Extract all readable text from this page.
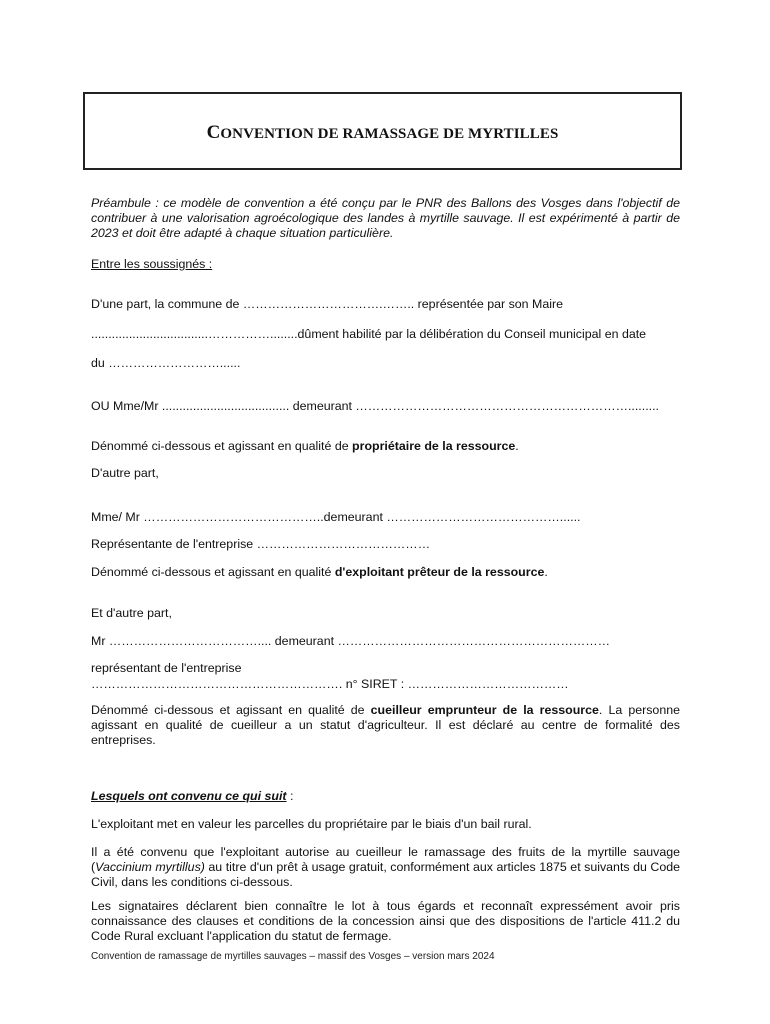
CONVENTION DE RAMASSAGE DE MYRTILLES

Préambule : ce modèle de convention a été conçu par le PNR des Ballons des Vosges dans l'objectif de contribuer à une valorisation agroécologique des landes à myrtille sauvage. Il est expérimenté à partir de 2023 et doit être adapté à chaque situation particulière.

Entre les soussignés :

D'une part, la commune de …………………………….…….. représentée par son Maire

..................................……………........dûment habilité par la délibération du Conseil municipal en date

du ………………………......

OU Mme/Mr ..................................... demeurant ………………………………………………………….........

Dénommé ci-dessous et agissant en qualité de propriétaire de la ressource.

D'autre part,

Mme/ Mr ……………………………………..demeurant ……………………………………......

Représentante de l'entreprise ……………………………………

Dénommé ci-dessous et agissant en qualité d'exploitant prêteur de la ressource.

Et d'autre part,

Mr ……………………………….... demeurant …………………………………………………………

représentant de l'entreprise

……………………………………………………. n° SIRET : …………………………………

Dénommé ci-dessous et agissant en qualité de cueilleur emprunteur de la ressource. La personne agissant en qualité de cueilleur a un statut d'agriculteur. Il est déclaré au centre de formalité des entreprises.

Lesquels ont convenu ce qui suit :

L'exploitant met en valeur les parcelles du propriétaire par le biais d'un bail rural.

Il a été convenu que l'exploitant autorise au cueilleur le ramassage des fruits de la myrtille sauvage (Vaccinium myrtillus) au titre d'un prêt à usage gratuit, conformément aux articles 1875 et suivants du Code Civil, dans les conditions ci-dessous.

Les signataires déclarent bien connaître le lot à tous égards et reconnaît expressément avoir pris connaissance des clauses et conditions de la concession ainsi que des dispositions de l'article 411.2 du Code Rural excluant l'application du statut de fermage.

Convention de ramassage de myrtilles sauvages – massif des Vosges – version mars 2024
